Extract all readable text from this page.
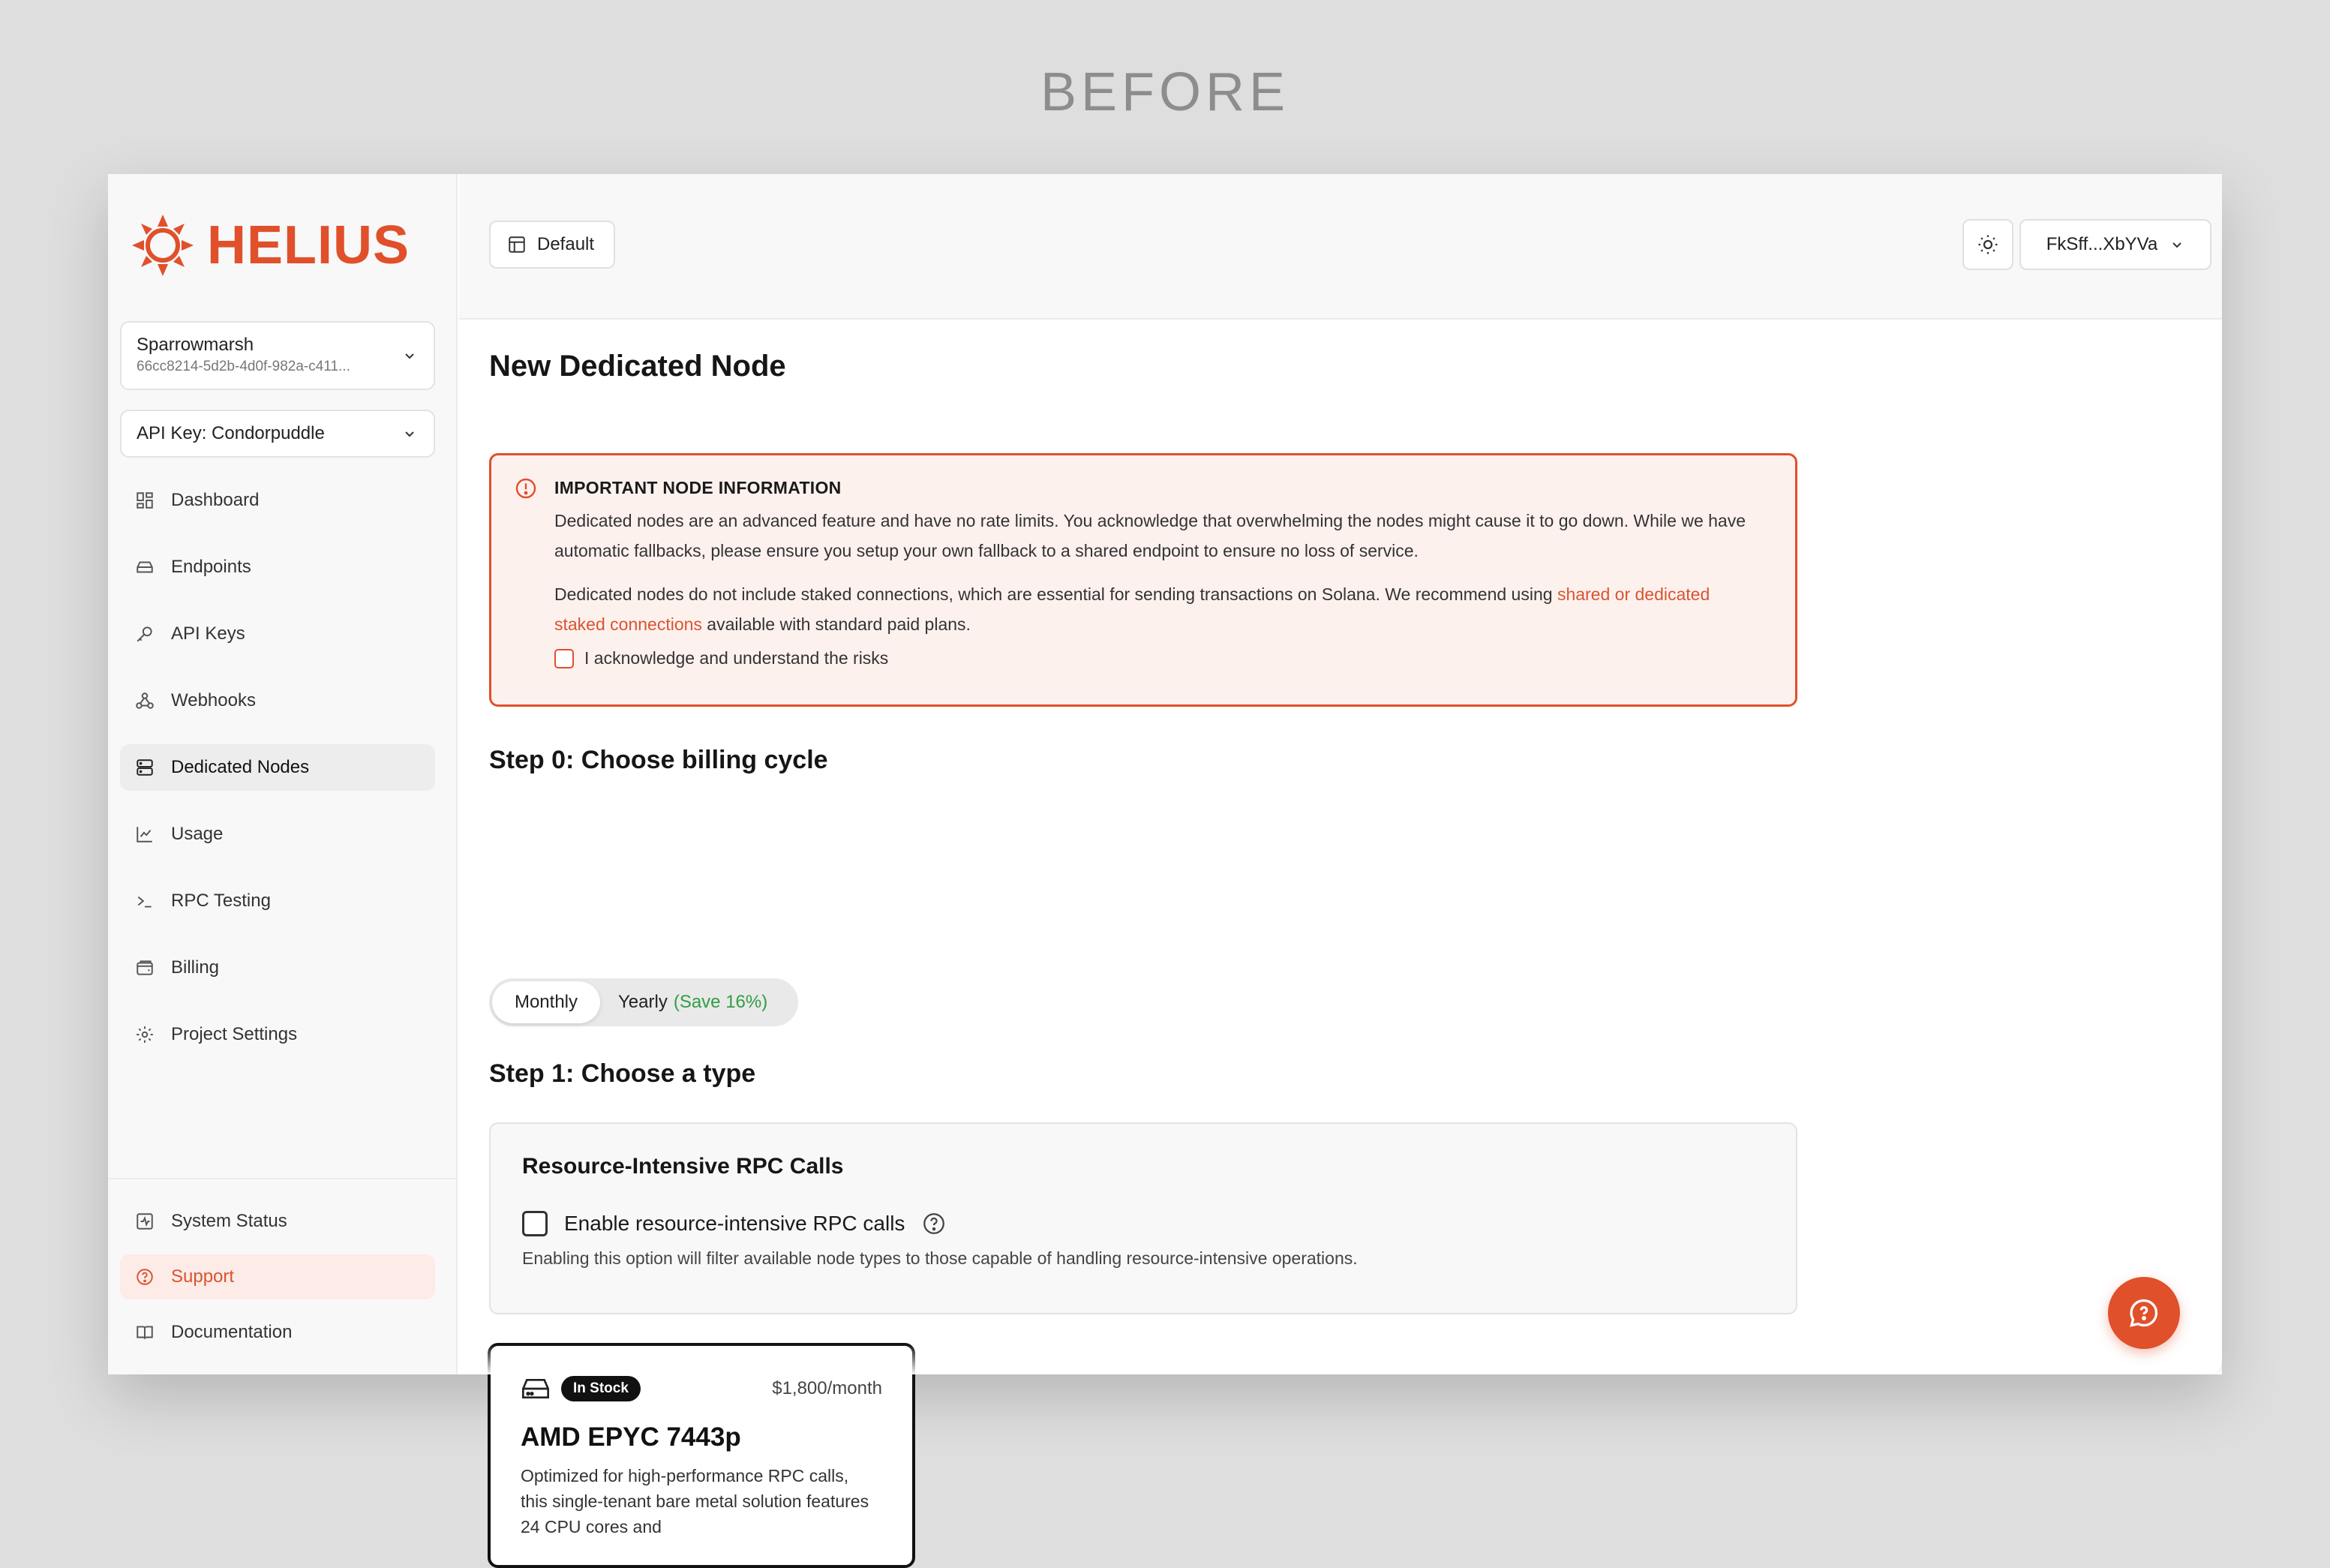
BEFORE
HELIUS
Sparrowmarsh
66cc8214-5d2b-4d0f-982a-c411...
API Key: Condorpuddle
Dashboard
Endpoints
API Keys
Webhooks
Dedicated Nodes
Usage
RPC Testing
Billing
Project Settings
System Status
Support
Documentation
Default	FkSff...XbYVa
New Dedicated Node
IMPORTANT NODE INFORMATION

Dedicated nodes are an advanced feature and have no rate limits. You acknowledge that overwhelming the nodes might cause it to go down. While we have automatic fallbacks, please ensure you setup your own fallback to a shared endpoint to ensure no loss of service.

Dedicated nodes do not include staked connections, which are essential for sending transactions on Solana. We recommend using shared or dedicated staked connections available with standard paid plans.

I acknowledge and understand the risks
Step 0: Choose billing cycle
Monthly	Yearly (Save 16%)
Step 1: Choose a type
Resource-Intensive RPC Calls
Enable resource-intensive RPC calls
Enabling this option will filter available node types to those capable of handling resource-intensive operations.
In Stock	$1,800/month
AMD EPYC 7443p
Optimized for high-performance RPC calls, this single-tenant bare metal solution features 24 CPU cores and
